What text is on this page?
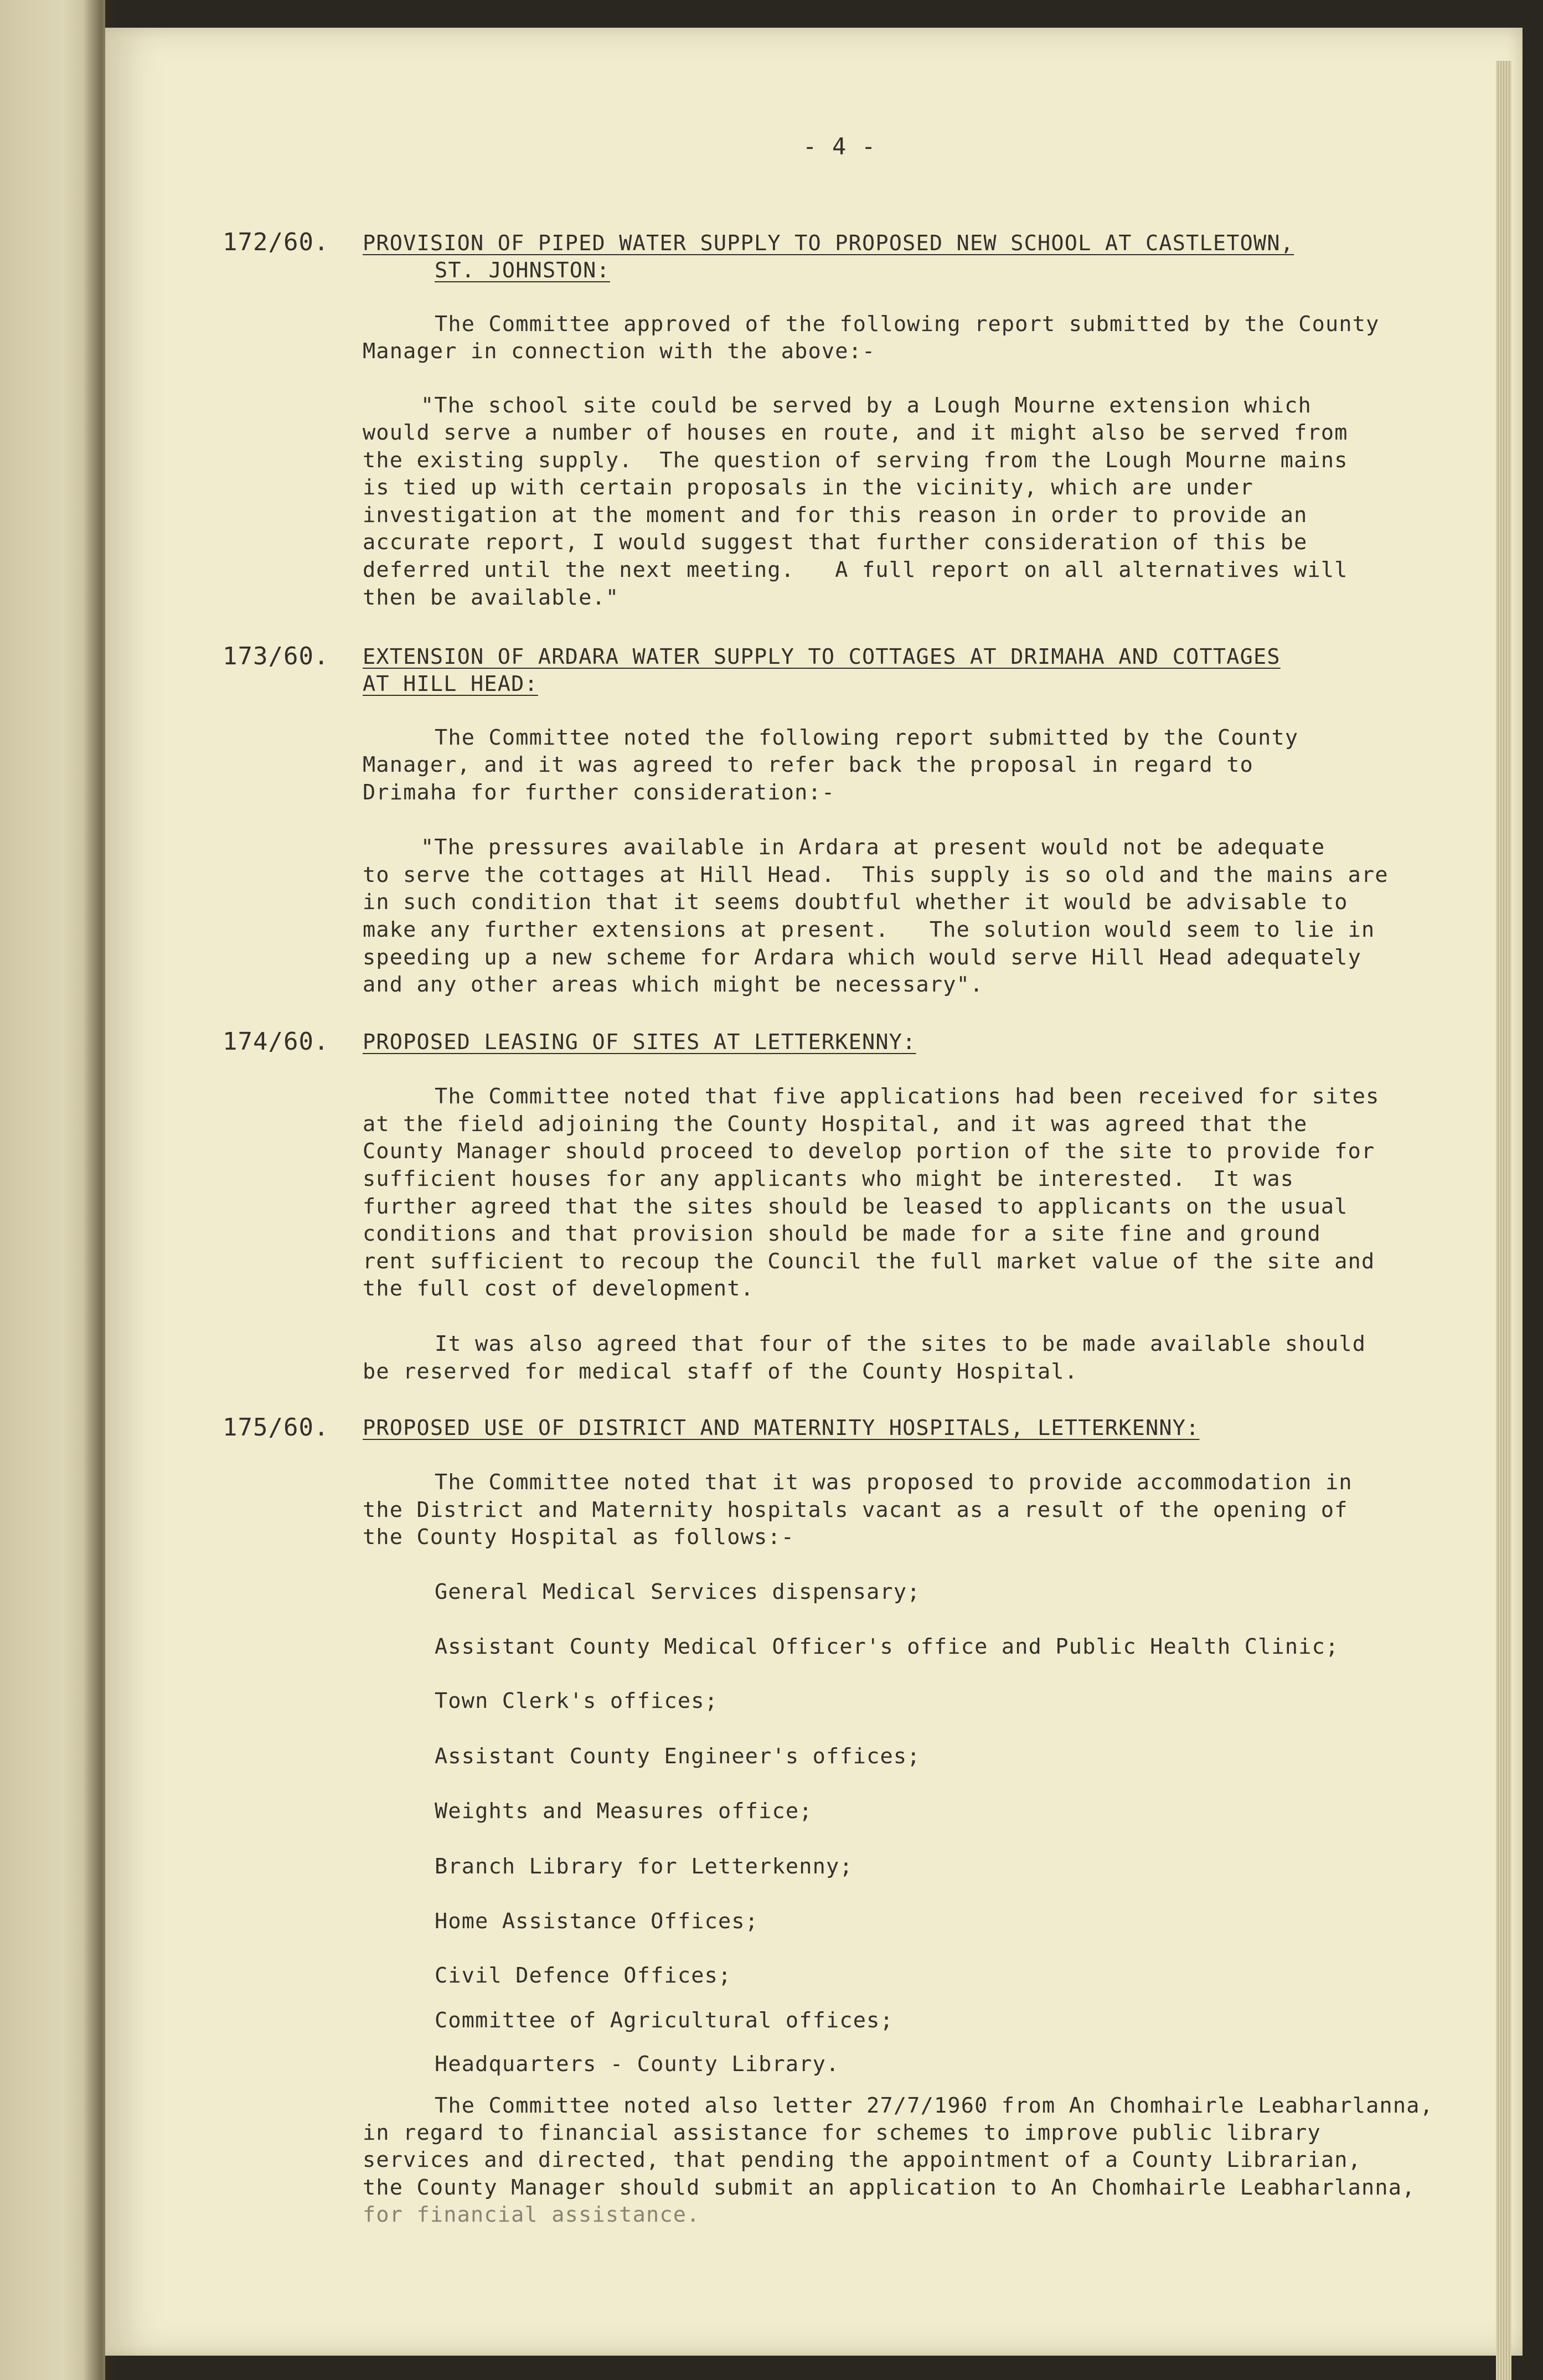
- 4 -
172/60. PROVISION OF PIPED WATER SUPPLY TO PROPOSED NEW SCHOOL AT CASTLETOWN,
ST. JOHNSTON:
The Committee approved of the following report submitted by the County
Manager in connection with the above:-
"The school site could be served by a Lough Mourne extension which
would serve a number of houses en route, and it might also be served from
the existing supply.  The question of serving from the Lough Mourne mains
is tied up with certain proposals in the vicinity, which are under
investigation at the moment and for this reason in order to provide an
accurate report, I would suggest that further consideration of this be
deferred until the next meeting.   A full report on all alternatives will
then be available."
173/60. EXTENSION OF ARDARA WATER SUPPLY TO COTTAGES AT DRIMAHA AND COTTAGES
AT HILL HEAD:
The Committee noted the following report submitted by the County
Manager, and it was agreed to refer back the proposal in regard to
Drimaha for further consideration:-
"The pressures available in Ardara at present would not be adequate
to serve the cottages at Hill Head.  This supply is so old and the mains are
in such condition that it seems doubtful whether it would be advisable to
make any further extensions at present.   The solution would seem to lie in
speeding up a new scheme for Ardara which would serve Hill Head adequately
and any other areas which might be necessary".
174/60. PROPOSED LEASING OF SITES AT LETTERKENNY:
The Committee noted that five applications had been received for sites
at the field adjoining the County Hospital, and it was agreed that the
County Manager should proceed to develop portion of the site to provide for
sufficient houses for any applicants who might be interested.  It was
further agreed that the sites should be leased to applicants on the usual
conditions and that provision should be made for a site fine and ground
rent sufficient to recoup the Council the full market value of the site and
the full cost of development.
It was also agreed that four of the sites to be made available should
be reserved for medical staff of the County Hospital.
175/60. PROPOSED USE OF DISTRICT AND MATERNITY HOSPITALS, LETTERKENNY:
The Committee noted that it was proposed to provide accommodation in
the District and Maternity hospitals vacant as a result of the opening of
the County Hospital as follows:-
General Medical Services dispensary;
Assistant County Medical Officer's office and Public Health Clinic;
Town Clerk's offices;
Assistant County Engineer's offices;
Weights and Measures office;
Branch Library for Letterkenny;
Home Assistance Offices;
Civil Defence Offices;
Committee of Agricultural offices;
Headquarters - County Library.
The Committee noted also letter 27/7/1960 from An Chomhairle Leabharlanna,
in regard to financial assistance for schemes to improve public library
services and directed, that pending the appointment of a County Librarian,
the County Manager should submit an application to An Chomhairle Leabharlanna,
for financial assistance.
